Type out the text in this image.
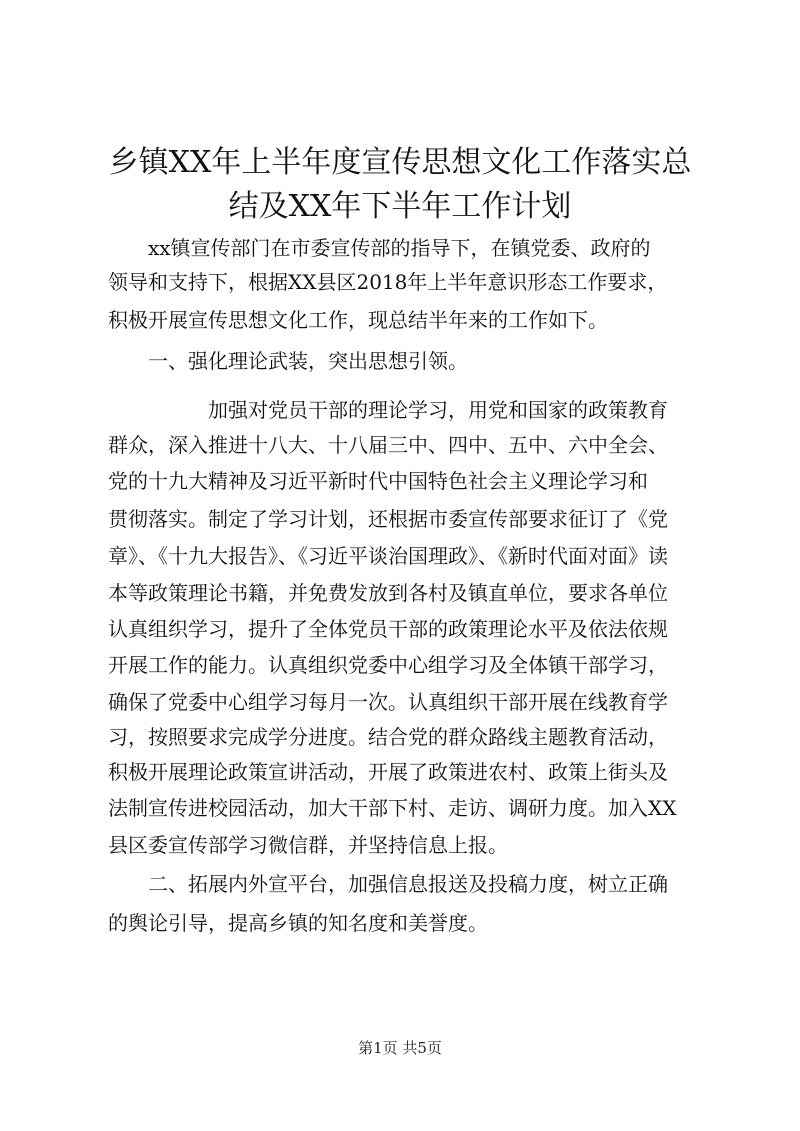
乡镇XX年上半年度宣传思想文化工作落实总
结及XX年下半年工作计划

　　xx镇宣传部门在市委宣传部的指导下，在镇党委、政府的

领导和支持下，根据XX县区2018年上半年意识形态工作要求，

积极开展宣传思想文化工作，现总结半年来的工作如下。

　　一、强化理论武装，突出思想引领。

　　　　　加强对党员干部的理论学习，用党和国家的政策教育

群众，深入推进十八大、十八届三中、四中、五中、六中全会、

党的十九大精神及习近平新时代中国特色社会主义理论学习和

贯彻落实。制定了学习计划，还根据市委宣传部要求征订了《党

章》、《十九大报告》、《习近平谈治国理政》、《新时代面对面》读

本等政策理论书籍，并免费发放到各村及镇直单位，要求各单位

认真组织学习，提升了全体党员干部的政策理论水平及依法依规

开展工作的能力。认真组织党委中心组学习及全体镇干部学习，

确保了党委中心组学习每月一次。认真组织干部开展在线教育学

习，按照要求完成学分进度。结合党的群众路线主题教育活动，

积极开展理论政策宣讲活动，开展了政策进农村、政策上街头及

法制宣传进校园活动，加大干部下村、走访、调研力度。加入XX

县区委宣传部学习微信群，并坚持信息上报。

　　二、拓展内外宣平台，加强信息报送及投稿力度，树立正确

的舆论引导，提高乡镇的知名度和美誉度。

第1页 共5页
